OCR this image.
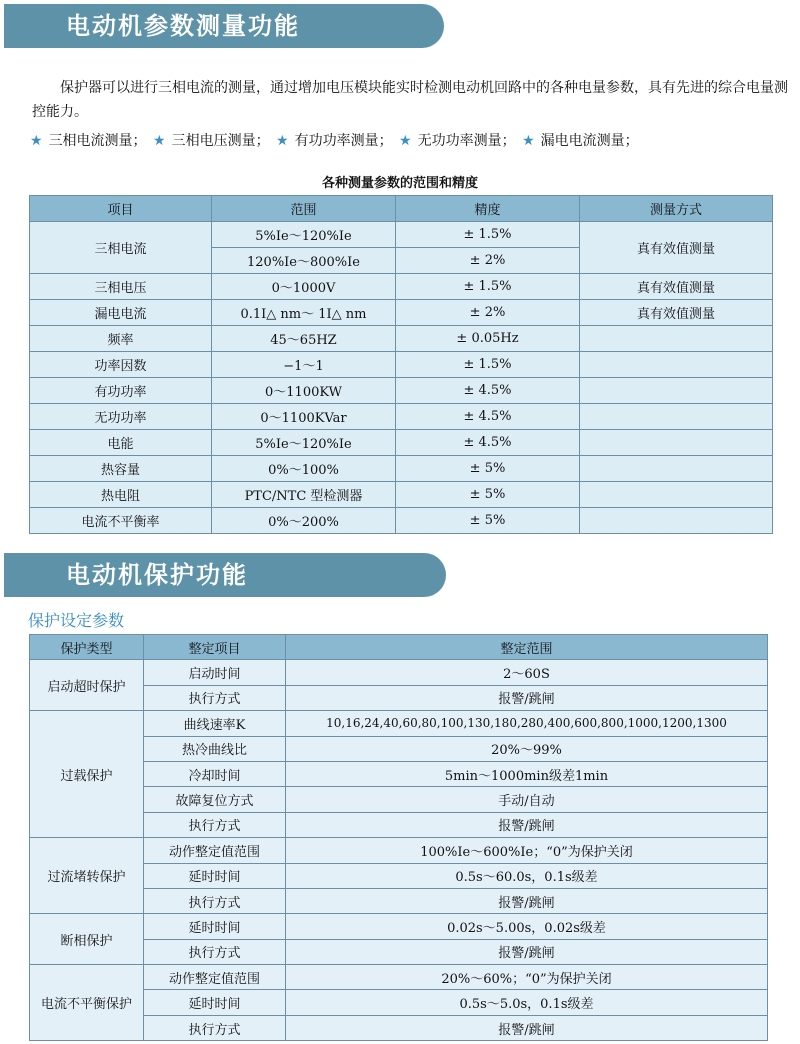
电动机参数测量功能

保护器可以进行三相电流的测量，通过增加电压模块能实时检测电动机回路中的各种电量参数，具有先进的综合电量测控能力。

★ 三相电流测量； ★ 三相电压测量； ★ 有功功率测量； ★ 无功功率测量； ★ 漏电电流测量；
各种测量参数的范围和精度
项目	范围	精度	测量方式
三相电流	5%Ie～120%Ie	± 1.5%	真有效值测量
	120%Ie～800%Ie	± 2%	
三相电压	0～1000V	± 1.5%	真有效值测量
漏电电流	0.1I△ nm～ 1I△ nm	± 2%	真有效值测量
频率	45～65HZ	± 0.05Hz	
功率因数	−1～1	± 1.5%	
有功功率	0～1100KW	± 4.5%	
无功功率	0～1100KVar	± 4.5%	
电能	5%Ie～120%Ie	± 4.5%	
热容量	0%～100%	± 5%	
热电阻	PTC/NTC 型检测器	± 5%	
电流不平衡率	0%～200%	± 5%	
电动机保护功能
保护设定参数
保护类型	整定项目	整定范围
启动超时保护	启动时间	2～60S
	执行方式	报警/跳闸
过载保护	曲线速率K	10,16,24,40,60,80,100,130,180,280,400,600,800,1000,1200,1300
	热冷曲线比	20%～99%
	冷却时间	5min～1000min级差1min
	故障复位方式	手动/自动
	执行方式	报警/跳闸
过流堵转保护	动作整定值范围	100%Ie～600%Ie；“0”为保护关闭
	延时时间	0.5s～60.0s，0.1s级差
	执行方式	报警/跳闸
断相保护	延时时间	0.02s～5.00s，0.02s级差
	执行方式	报警/跳闸
电流不平衡保护	动作整定值范围	20%～60%；“0”为保护关闭
	延时时间	0.5s～5.0s，0.1s级差
	执行方式	报警/跳闸
